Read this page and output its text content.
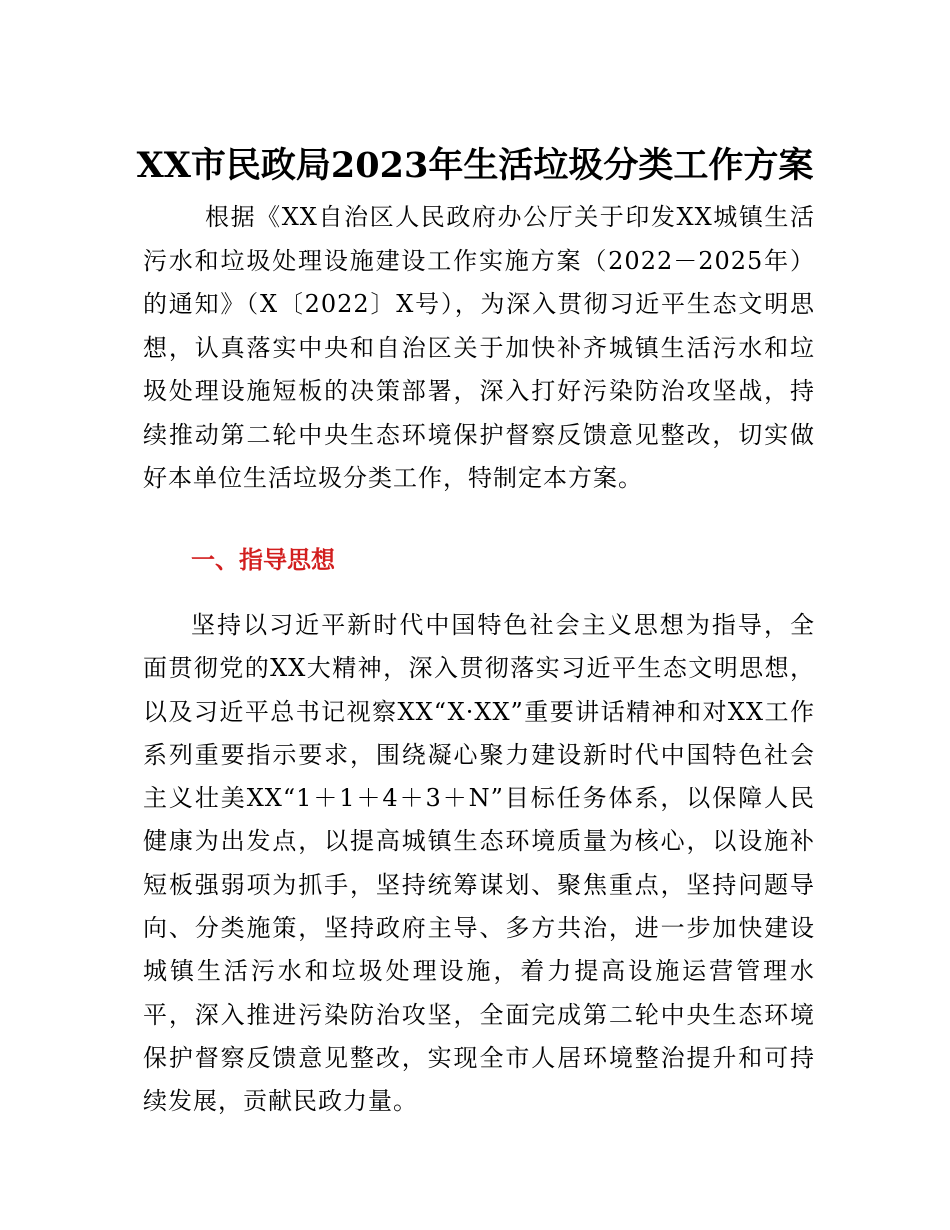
XX市民政局2023年生活垃圾分类工作方案
根据《XX自治区人民政府办公厅关于印发XX城镇生活污水和垃圾处理设施建设工作实施方案（2022－2025年）的通知》（X〔2022〕X号），为深入贯彻习近平生态文明思想，认真落实中央和自治区关于加快补齐城镇生活污水和垃圾处理设施短板的决策部署，深入打好污染防治攻坚战，持续推动第二轮中央生态环境保护督察反馈意见整改，切实做好本单位生活垃圾分类工作，特制定本方案。
一、指导思想
坚持以习近平新时代中国特色社会主义思想为指导，全面贯彻党的XX大精神，深入贯彻落实习近平生态文明思想，以及习近平总书记视察XX“X·XX”重要讲话精神和对XX工作系列重要指示要求，围绕凝心聚力建设新时代中国特色社会主义壮美XX“1＋1＋4＋3＋N”目标任务体系，以保障人民健康为出发点，以提高城镇生态环境质量为核心，以设施补短板强弱项为抓手，坚持统筹谋划、聚焦重点，坚持问题导向、分类施策，坚持政府主导、多方共治，进一步加快建设城镇生活污水和垃圾处理设施，着力提高设施运营管理水平，深入推进污染防治攻坚，全面完成第二轮中央生态环境保护督察反馈意见整改，实现全市人居环境整治提升和可持续发展，贡献民政力量。
